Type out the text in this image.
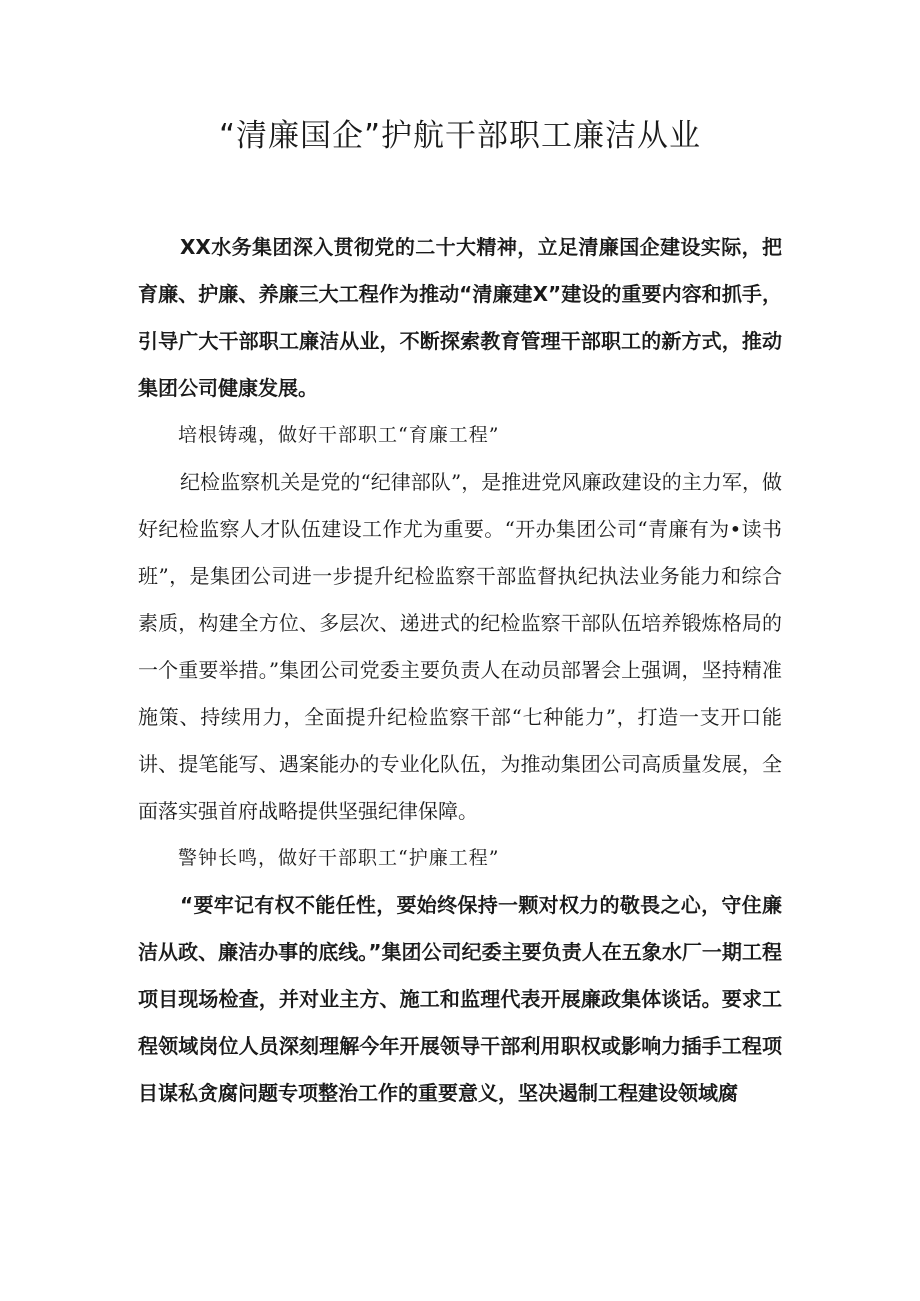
“清廉国企”护航干部职工廉洁从业

XX水务集团深入贯彻党的二十大精神，立足清廉国企建设实际，把育廉、护廉、养廉三大工程作为推动“清廉建X”建设的重要内容和抓手，引导广大干部职工廉洁从业，不断探索教育管理干部职工的新方式，推动集团公司健康发展。

培根铸魂，做好干部职工“育廉工程”

纪检监察机关是党的“纪律部队”，是推进党风廉政建设的主力军，做好纪检监察人才队伍建设工作尤为重要。“开办集团公司“青廉有为•读书班”，是集团公司进一步提升纪检监察干部监督执纪执法业务能力和综合素质，构建全方位、多层次、递进式的纪检监察干部队伍培养锻炼格局的一个重要举措。”集团公司党委主要负责人在动员部署会上强调，坚持精准施策、持续用力，全面提升纪检监察干部“七种能力”，打造一支开口能讲、提笔能写、遇案能办的专业化队伍，为推动集团公司高质量发展，全面落实强首府战略提供坚强纪律保障。

警钟长鸣，做好干部职工“护廉工程”

“要牢记有权不能任性，要始终保持一颗对权力的敬畏之心，守住廉洁从政、廉洁办事的底线。”集团公司纪委主要负责人在五象水厂一期工程项目现场检查，并对业主方、施工和监理代表开展廉政集体谈话。要求工程领域岗位人员深刻理解今年开展领导干部利用职权或影响力插手工程项目谋私贪腐问题专项整治工作的重要意义，坚决遏制工程建设领域腐
